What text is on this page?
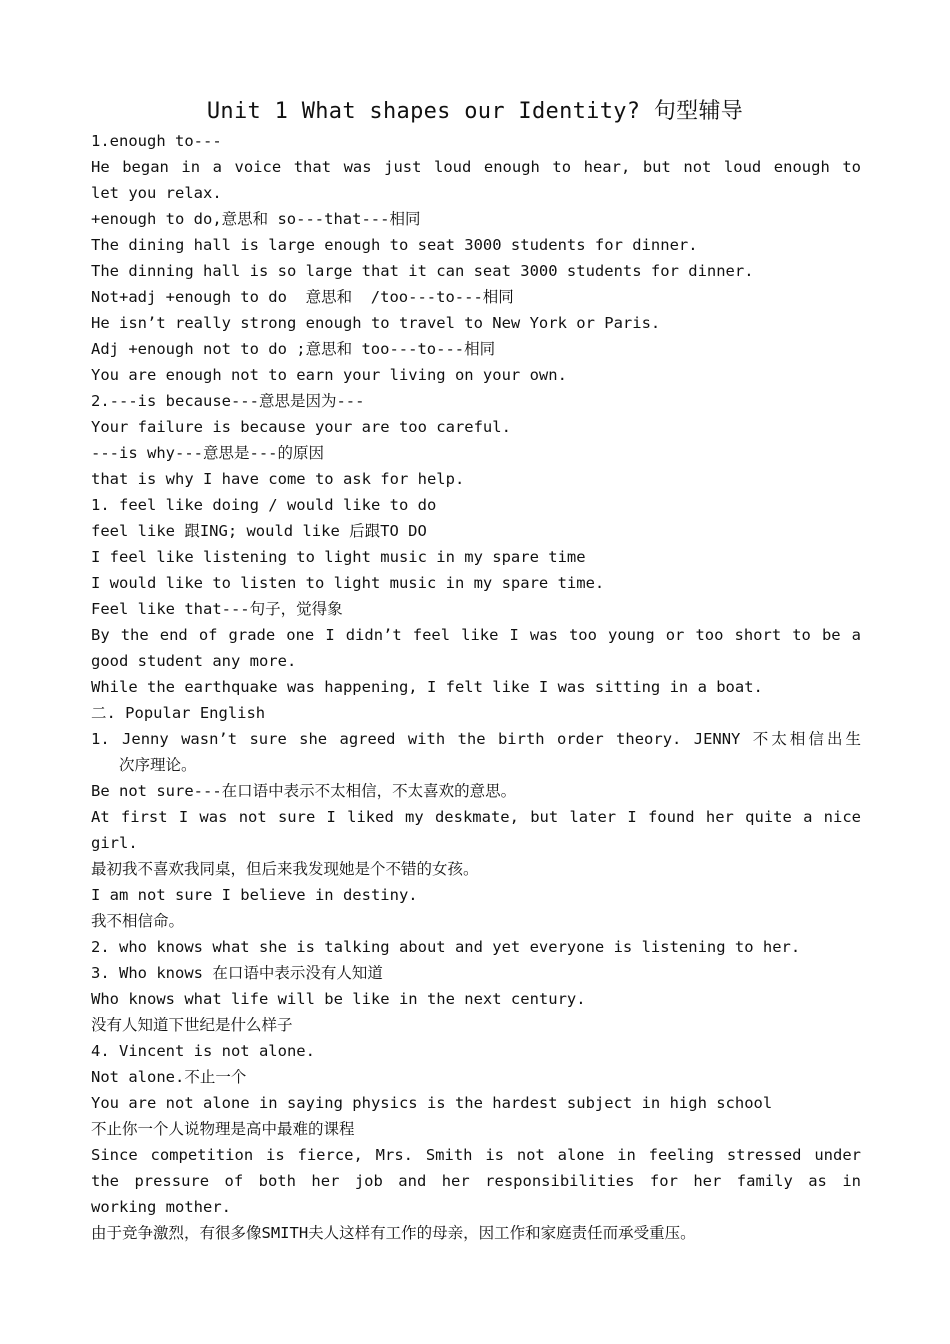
Unit 1 What shapes our Identity? 句型辅导
1.enough to---
He began in a voice that was just loud enough to hear, but not loud enough to
let you relax.
+enough to do,意思和 so---that---相同
The dining hall is large enough to seat 3000 students for dinner.
The dinning hall is so large that it can seat 3000 students for dinner.
Not+adj +enough to do  意思和  /too---to---相同
He isn’t really strong enough to travel to New York or Paris.
Adj +enough not to do ;意思和 too---to---相同
You are enough not to earn your living on your own.
2.---is because---意思是因为---
Your failure is because your are too careful.
---is why---意思是---的原因
that is why I have come to ask for help.
1. feel like doing / would like to do
feel like 跟ING; would like 后跟TO DO
I feel like listening to light music in my spare time
I would like to listen to light music in my spare time.
Feel like that---句子，觉得象
By the end of grade one I didn’t feel like I was too young or too short to be a
good student any more.
While the earthquake was happening, I felt like I was sitting in a boat.
二. Popular English
1. Jenny wasn’t sure she agreed with the birth order theory. JENNY 不太相信出生
次序理论。
Be not sure---在口语中表示不太相信，不太喜欢的意思。
At first I was not sure I liked my deskmate, but later I found her quite a nice
girl.
最初我不喜欢我同桌，但后来我发现她是个不错的女孩。
I am not sure I believe in destiny.
我不相信命。
2. who knows what she is talking about and yet everyone is listening to her.
3. Who knows 在口语中表示没有人知道
Who knows what life will be like in the next century.
没有人知道下世纪是什么样子
4. Vincent is not alone.
Not alone.不止一个
You are not alone in saying physics is the hardest subject in high school
不止你一个人说物理是高中最难的课程
Since competition is fierce, Mrs. Smith is not alone in feeling stressed under
the pressure of both her job and her responsibilities for her family as in
working mother.
由于竞争激烈，有很多像SMITH夫人这样有工作的母亲，因工作和家庭责任而承受重压。
